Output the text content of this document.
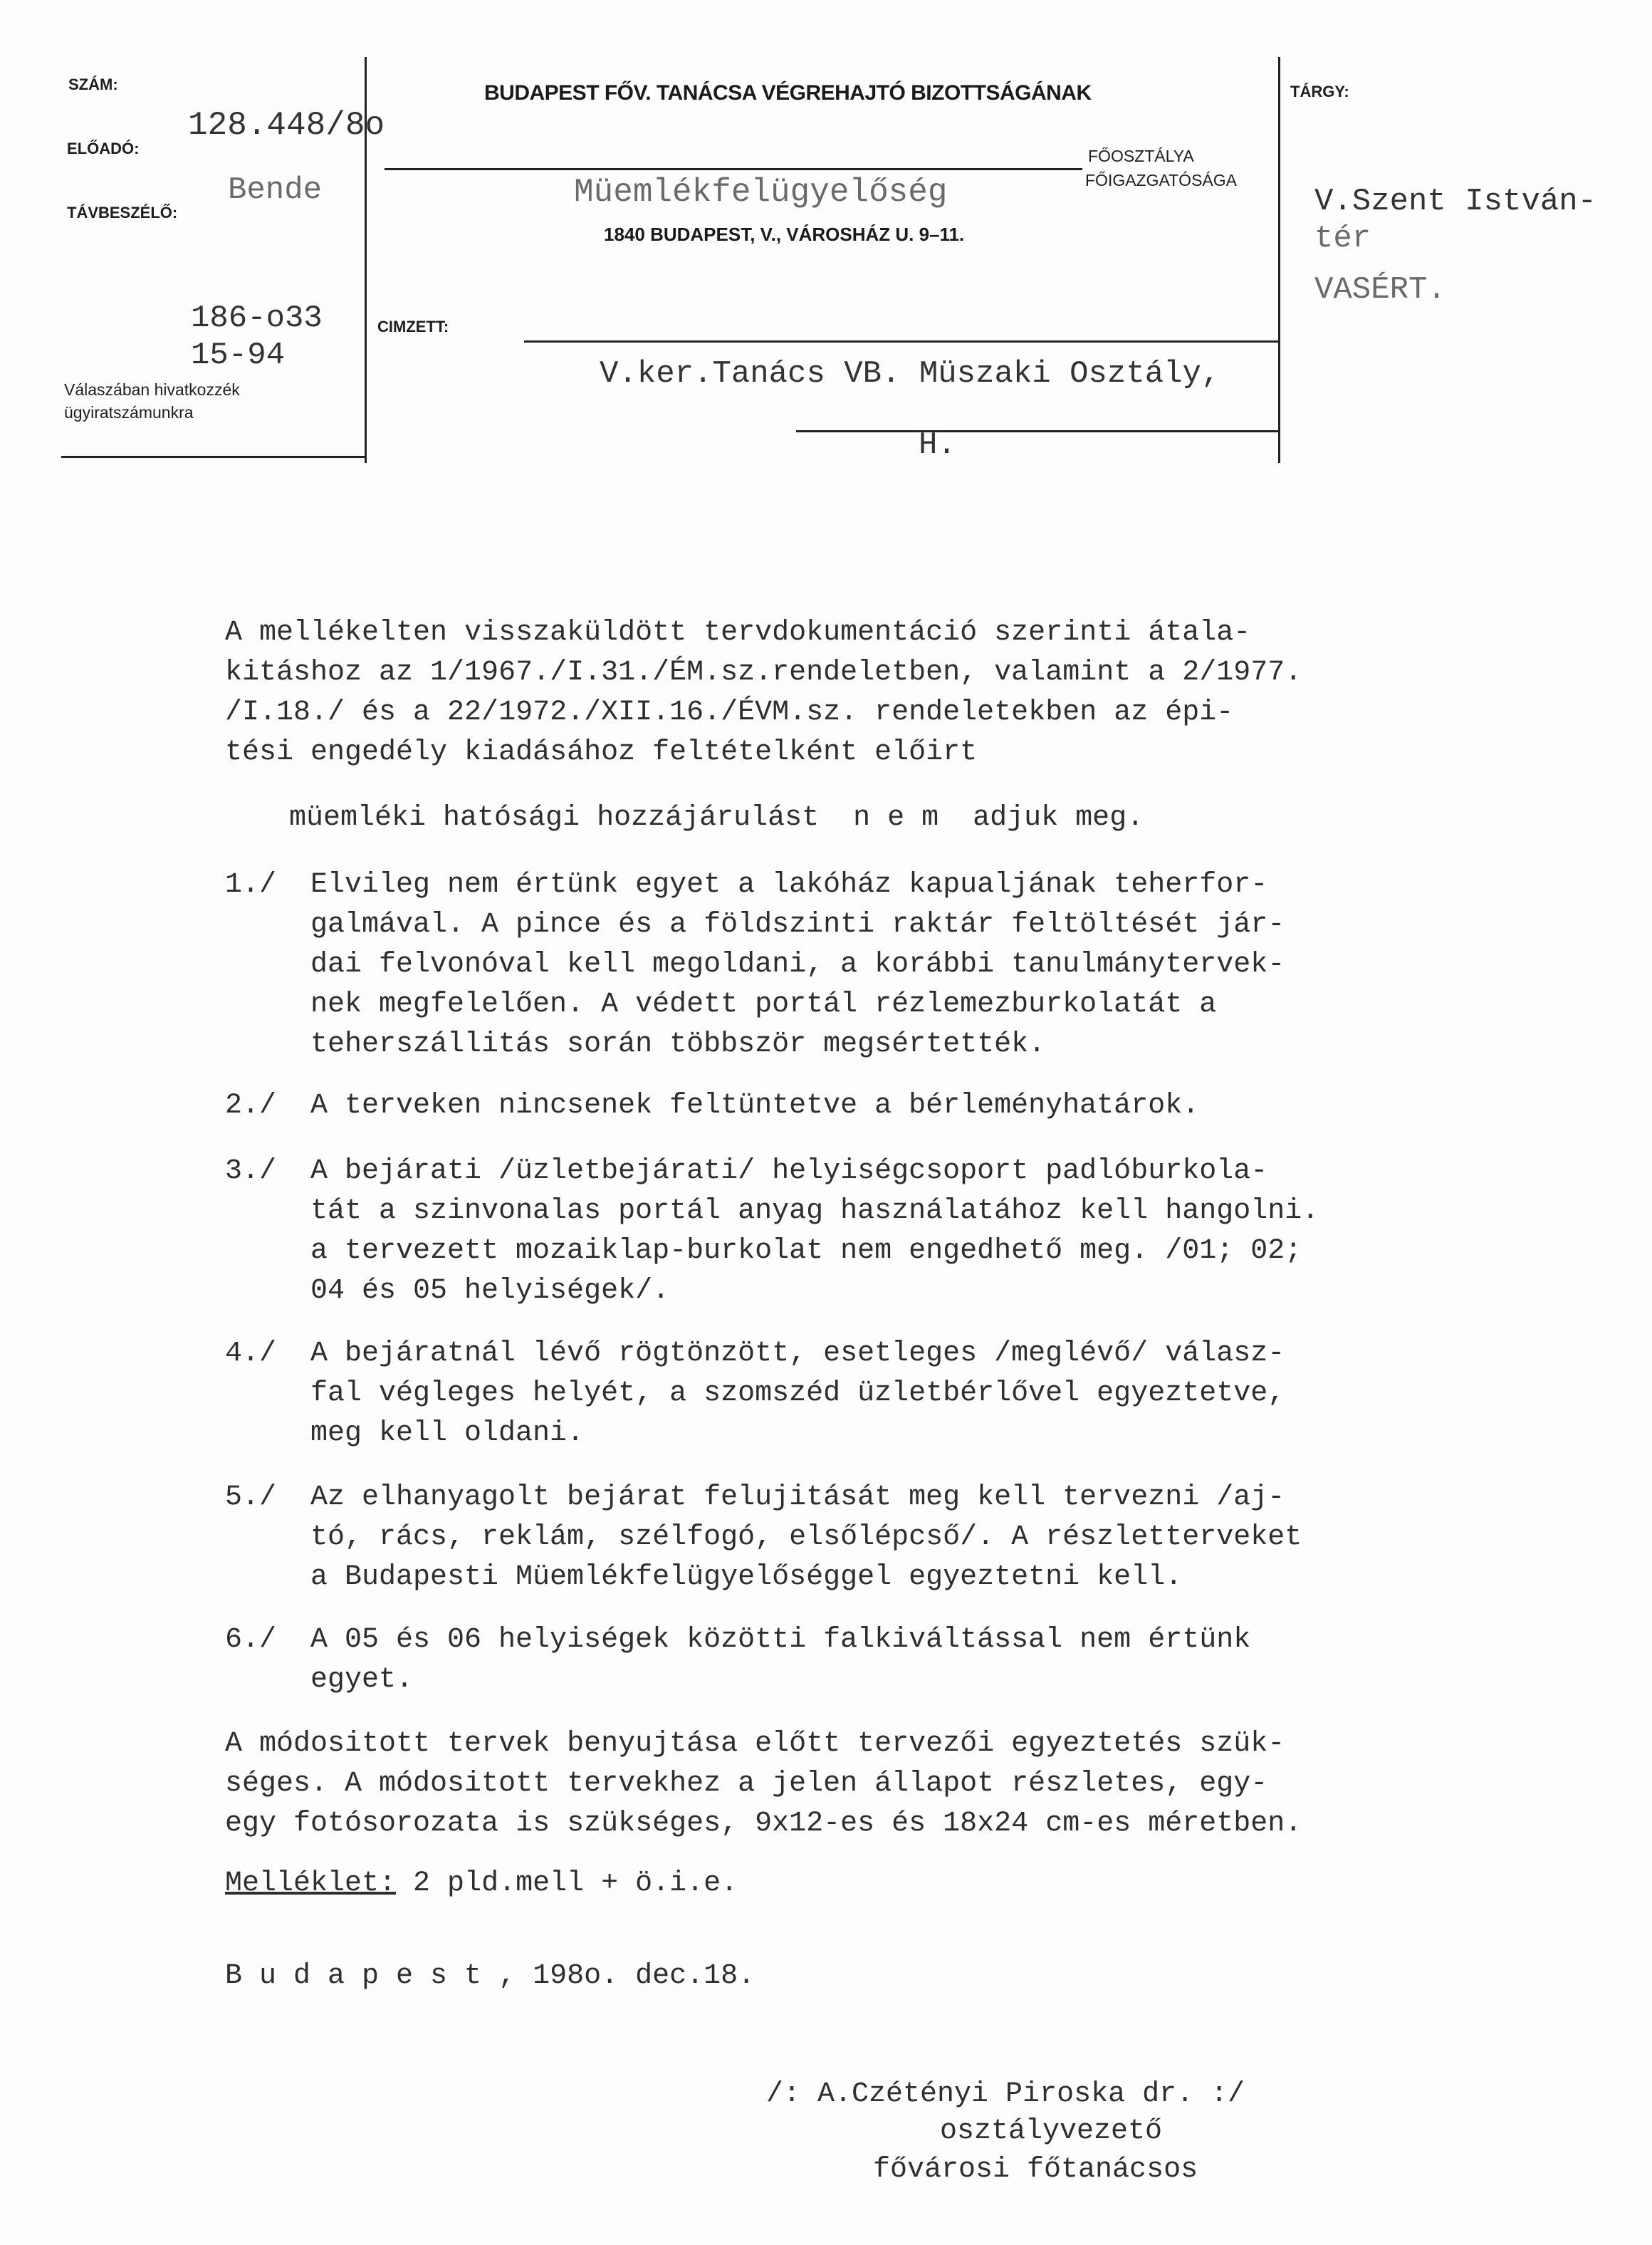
SZÁM:
ELŐADÓ:
TÁVBESZÉLŐ:
128.448/8o
Bende
186-o33
15-94
Válaszában hivatkozzék
ügyiratszámunkra
BUDAPEST FŐV. TANÁCSA VÉGREHAJTÓ BIZOTTSÁGÁNAK
FŐOSZTÁLYA
FŐIGAZGATÓSÁGA
Müemlékfelügyelőség
1840 BUDAPEST, V., VÁROSHÁZ U. 9–11.
CIMZETT:
V.ker.Tanács VB. Müszaki Osztály,
H.
TÁRGY:
V.Szent István-
tér
VASÉRT.
A mellékelten visszaküldött tervdokumentáció szerinti átala-
kitáshoz az 1/1967./I.31./ÉM.sz.rendeletben, valamint a 2/1977.
/I.18./ és a 22/1972./XII.16./ÉVM.sz. rendeletekben az épi-
tési engedély kiadásához feltételként előirt
müemléki hatósági hozzájárulást  n e m  adjuk meg.
1./ Elvileg nem értünk egyet a lakóház kapualjának teherfor-
galmával. A pince és a földszinti raktár feltöltését jár-
dai felvonóval kell megoldani, a korábbi tanulmánytervek-
nek megfelelően. A védett portál rézlemezburkolatát a
teherszállitás során többször megsértették.
2./ A terveken nincsenek feltüntetve a bérleményhatárok.
3./ A bejárati /üzletbejárati/ helyiségcsoport padlóburkola-
tát a szinvonalas portál anyag használatához kell hangolni.
a tervezett mozaiklap-burkolat nem engedhető meg. /01; 02;
04 és 05 helyiségek/.
4./ A bejáratnál lévő rögtönzött, esetleges /meglévő/ válasz-
fal végleges helyét, a szomszéd üzletbérlővel egyeztetve,
meg kell oldani.
5./ Az elhanyagolt bejárat felujitását meg kell tervezni /aj-
tó, rács, reklám, szélfogó, elsőlépcső/. A részletterveket
a Budapesti Müemlékfelügyelőséggel egyeztetni kell.
6./ A 05 és 06 helyiségek közötti falkiváltással nem értünk
egyet.
A módositott tervek benyujtása előtt tervezői egyeztetés szük-
séges. A módositott tervekhez a jelen állapot részletes, egy-
egy fotósorozata is szükséges, 9x12-es és 18x24 cm-es méretben.
Melléklet: 2 pld.mell + ö.i.e.
B u d a p e s t , 198o. dec.18.
/: A.Czétényi Piroska dr. :/
osztályvezető
fővárosi főtanácsos
